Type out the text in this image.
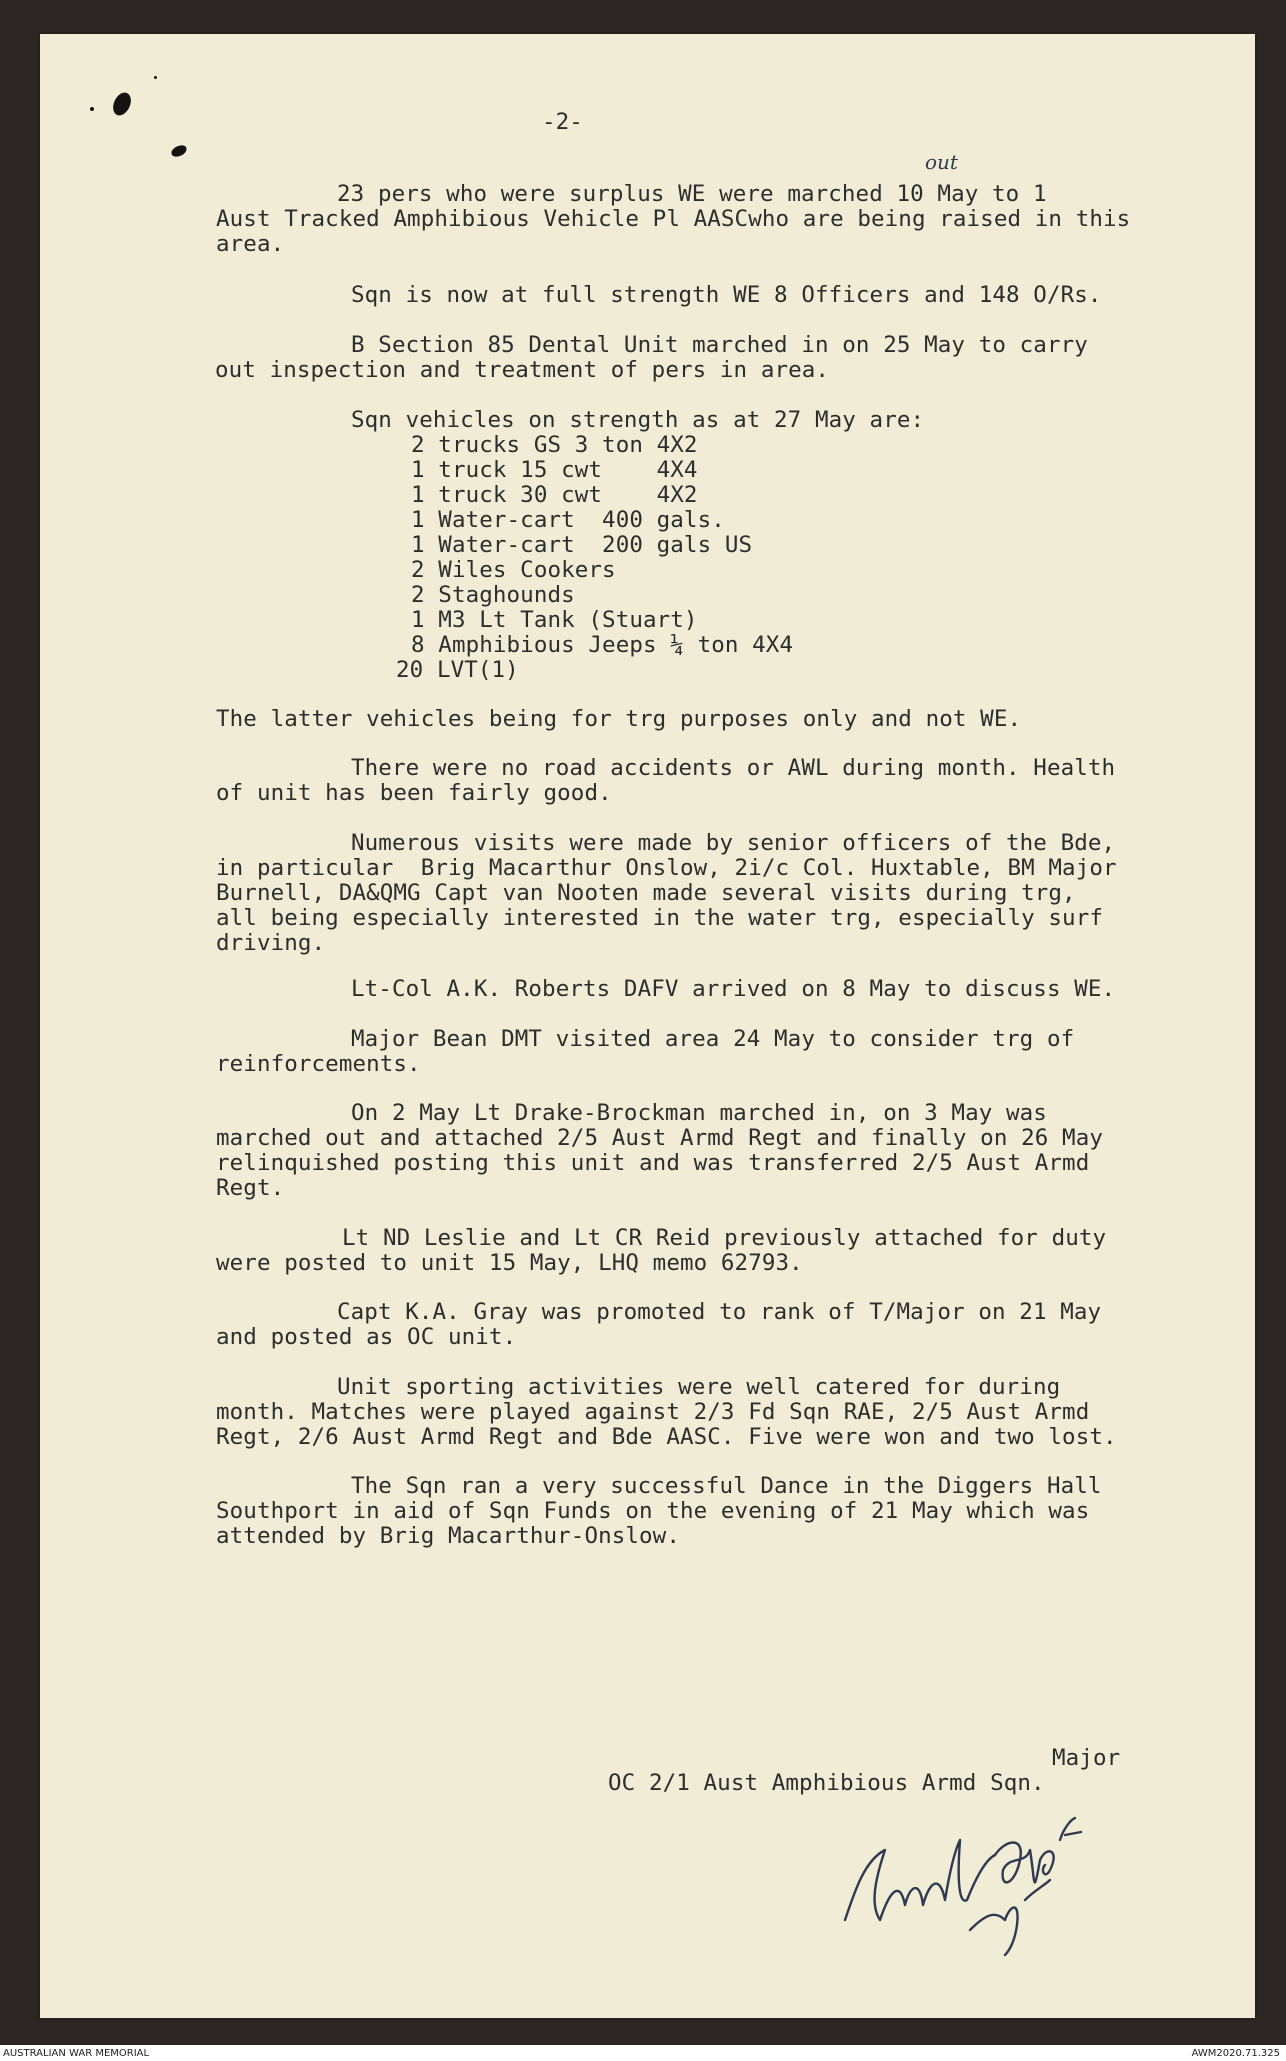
-2-
out
23 pers who were surplus WE were marched 10 May to 1
Aust Tracked Amphibious Vehicle Pl AASCwho are being raised in this
area.
Sqn is now at full strength WE 8 Officers and 148 O/Rs.
B Section 85 Dental Unit marched in on 25 May to carry
out inspection and treatment of pers in area.
Sqn vehicles on strength as at 27 May are:
2 trucks GS 3 ton 4X2
1 truck 15 cwt    4X4
1 truck 30 cwt    4X2
1 Water-cart  400 gals.
1 Water-cart  200 gals US
2 Wiles Cookers
2 Staghounds
1 M3 Lt Tank (Stuart)
8 Amphibious Jeeps ¼ ton 4X4
20 LVT(1)
The latter vehicles being for trg purposes only and not WE.
There were no road accidents or AWL during month. Health
of unit has been fairly good.
Numerous visits were made by senior officers of the Bde,
in particular  Brig Macarthur Onslow, 2i/c Col. Huxtable, BM Major
Burnell, DA&QMG Capt van Nooten made several visits during trg,
all being especially interested in the water trg, especially surf
driving.
Lt-Col A.K. Roberts DAFV arrived on 8 May to discuss WE.
Major Bean DMT visited area 24 May to consider trg of
reinforcements.
On 2 May Lt Drake-Brockman marched in, on 3 May was
marched out and attached 2/5 Aust Armd Regt and finally on 26 May
relinquished posting this unit and was transferred 2/5 Aust Armd
Regt.
Lt ND Leslie and Lt CR Reid previously attached for duty
were posted to unit 15 May, LHQ memo 62793.
Capt K.A. Gray was promoted to rank of T/Major on 21 May
and posted as OC unit.
Unit sporting activities were well catered for during
month. Matches were played against 2/3 Fd Sqn RAE, 2/5 Aust Armd
Regt, 2/6 Aust Armd Regt and Bde AASC. Five were won and two lost.
The Sqn ran a very successful Dance in the Diggers Hall
Southport in aid of Sqn Funds on the evening of 21 May which was
attended by Brig Macarthur-Onslow.
Major
OC 2/1 Aust Amphibious Armd Sqn.
AUSTRALIAN WAR MEMORIAL	AWM2020.71.325
